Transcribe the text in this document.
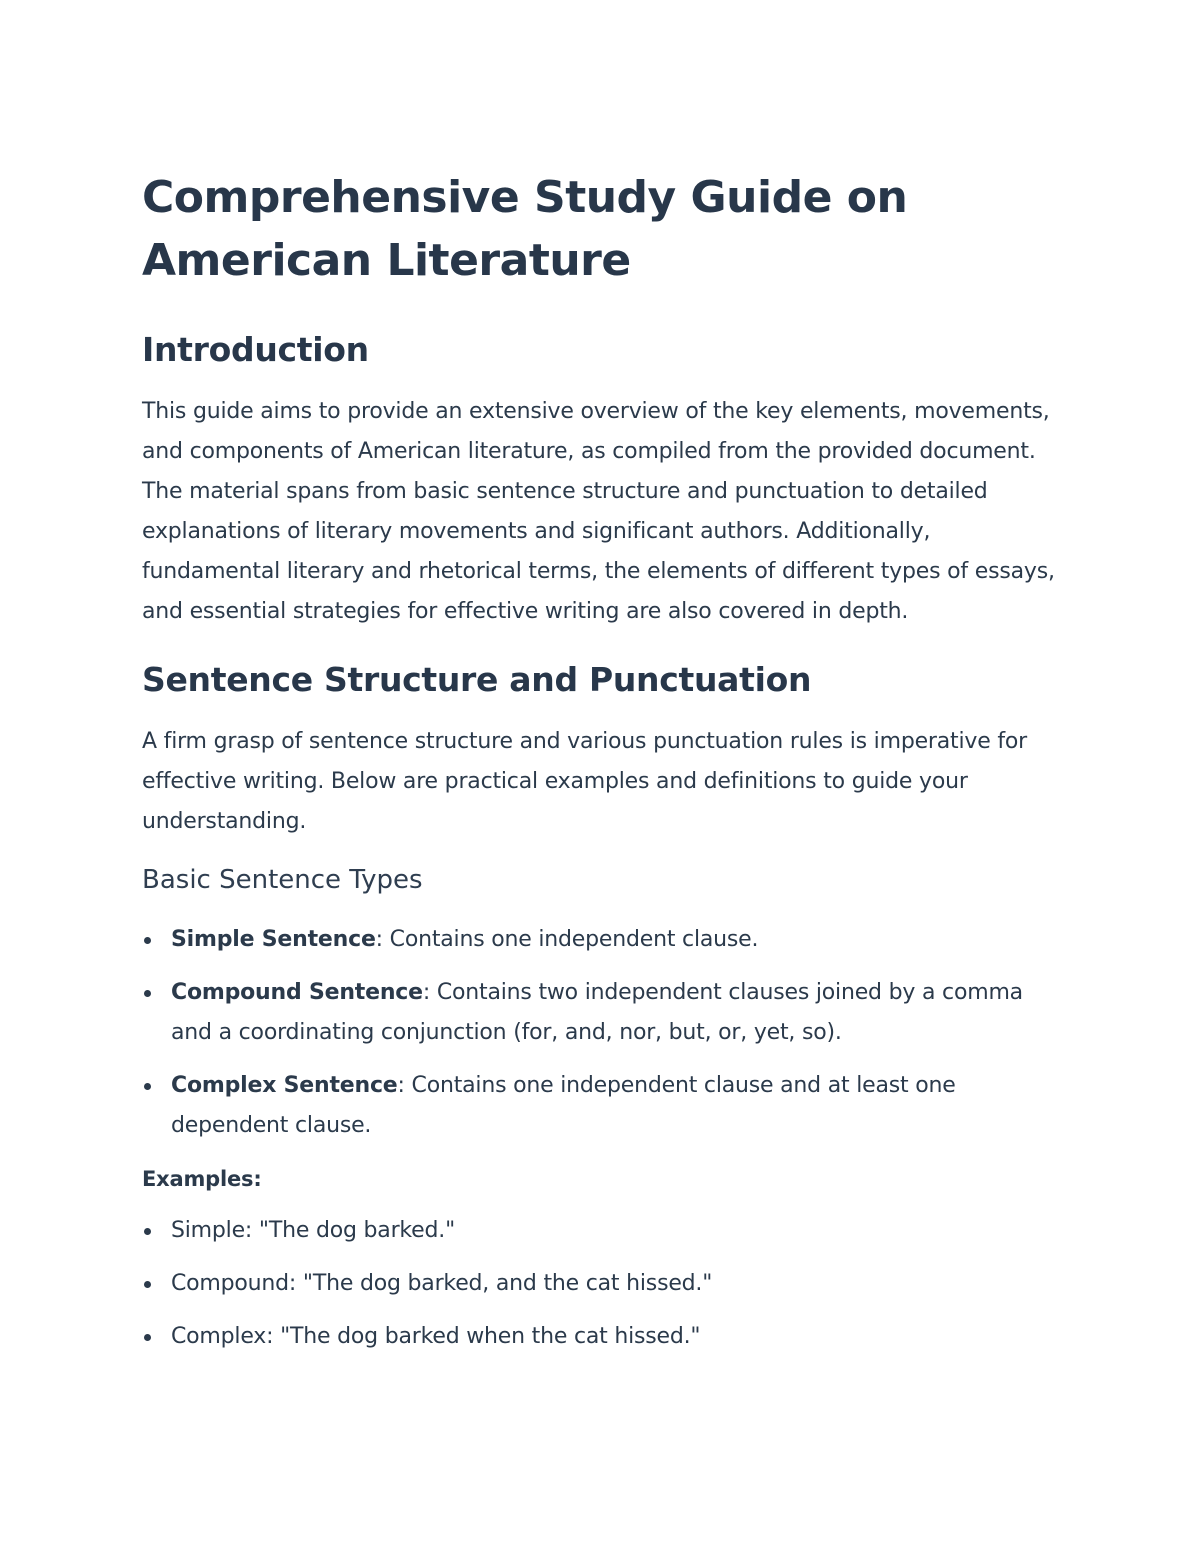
Comprehensive Study Guide on American Literature
Introduction

This guide aims to provide an extensive overview of the key elements, movements, and components of American literature, as compiled from the provided document. The material spans from basic sentence structure and punctuation to detailed explanations of literary movements and significant authors. Additionally, fundamental literary and rhetorical terms, the elements of different types of essays, and essential strategies for effective writing are also covered in depth.

Sentence Structure and Punctuation

A firm grasp of sentence structure and various punctuation rules is imperative for effective writing. Below are practical examples and definitions to guide your understanding.

Basic Sentence Types
Simple Sentence: Contains one independent clause.
Compound Sentence: Contains two independent clauses joined by a comma and a coordinating conjunction (for, and, nor, but, or, yet, so).
Complex Sentence: Contains one independent clause and at least one dependent clause.

Examples:

Simple: "The dog barked."
Compound: "The dog barked, and the cat hissed."
Complex: "The dog barked when the cat hissed."
